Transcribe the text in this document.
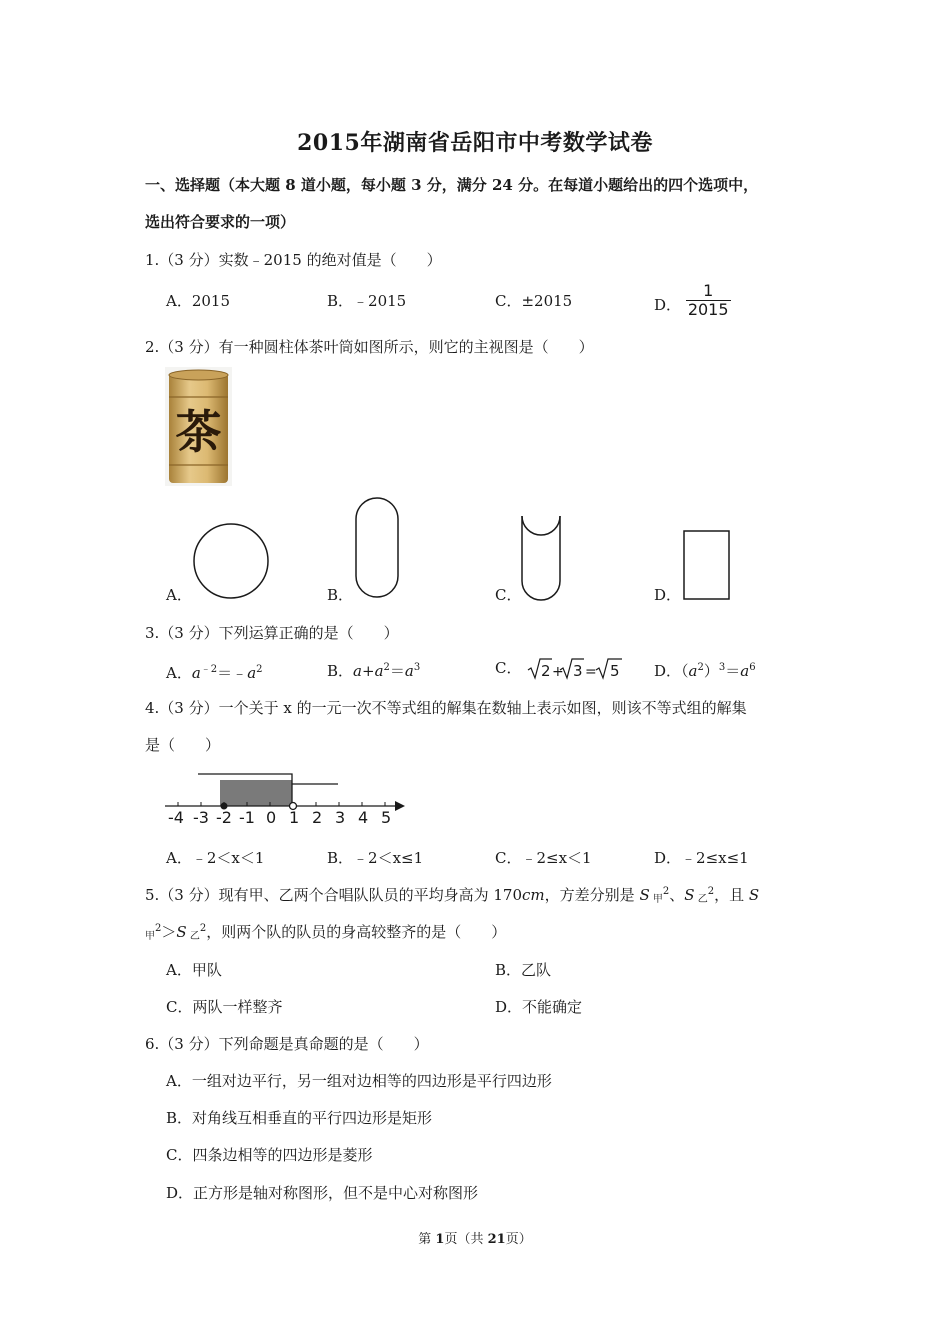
2015年湖南省岳阳市中考数学试卷
一、选择题（本大题 8 道小题，每小题 3 分，满分 24 分。在每道小题给出的四个选项中，
选出符合要求的一项）
1.（3 分）实数﹣2015 的绝对值是（　　）
A．2015	B．﹣2015	C．±2015	D． $\frac{1}{2015}$
2.（3 分）有一种圆柱体茶叶筒如图所示，则它的主视图是（　　）
茶
A．	B．	C．	D．
3.（3 分）下列运算正确的是（　　）
A．$a^{﹣2}=﹣a^2$	B．$a+a^2=a^3$	C． 2 + 3 = 5 D．$(a^2)^3=a^6$
4.（3 分）一个关于 x 的一元一次不等式组的解集在数轴上表示如图，则该不等式组的解集
是（　　）
-4 -3 -2 -1 0 1 2 3 4 5
A．﹣2＜x＜1	B．﹣2＜x≤1	C．﹣2≤x＜1	D．﹣2≤x≤1
5.（3 分）现有甲、乙两个合唱队队员的平均身高为 170cm，方差分别是 S $_甲^2$、S $_乙^2$，且 S
$_甲^2$＞S $_乙^2$，则两个队的队员的身高较整齐的是（　　）
A．甲队	B．乙队
C．两队一样整齐	D．不能确定
6.（3 分）下列命题是真命题的是（　　）
A．一组对边平行，另一组对边相等的四边形是平行四边形
B．对角线互相垂直的平行四边形是矩形
C．四条边相等的四边形是菱形
D．正方形是轴对称图形，但不是中心对称图形
第 1页（共 21页）
